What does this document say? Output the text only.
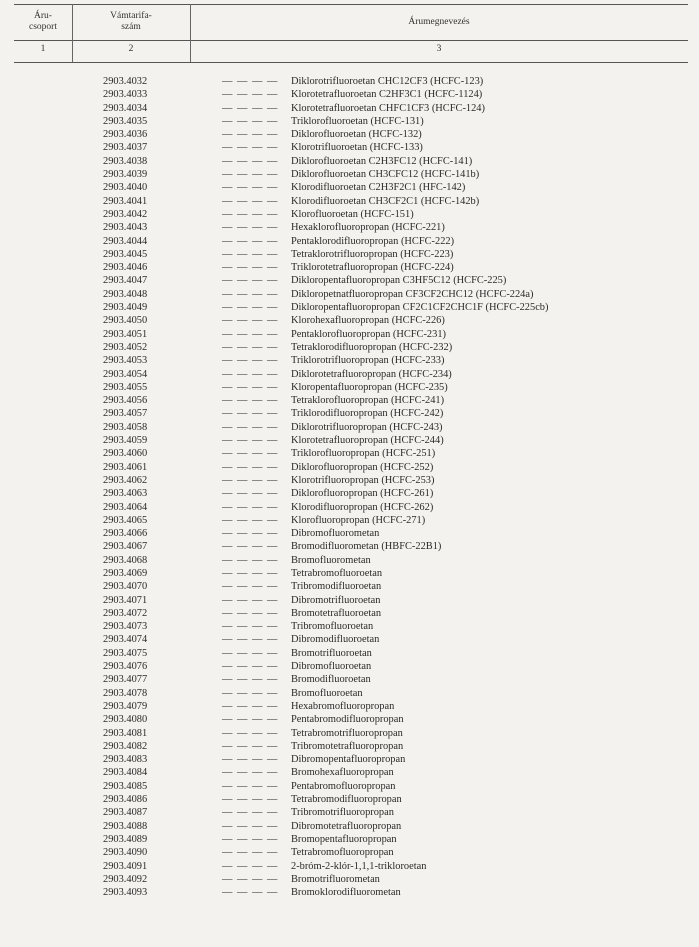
Áru-
csoport
Vámtarifa-
szám	Árumegnevezés
1	2	3
2903.4032	— — — — Diklorotrifluoroetan CHC12CF3 (HCFC-123)
2903.4033	— — — — Klorotetrafluoroetan C2HF3C1 (HCFC-1124)
2903.4034	— — — — Klorotetrafluoroetan CHFC1CF3 (HCFC-124)
2903.4035	— — — — Triklorofluoroetan (HCFC-131)
2903.4036	— — — — Diklorofluoroetan (HCFC-132)
2903.4037	— — — — Klorotrifluoroetan (HCFC-133)
2903.4038	— — — — Diklorofluoroetan C2H3FC12 (HCFC-141)
2903.4039	— — — — Diklorofluoroetan CH3CFC12 (HCFC-141b)
2903.4040	— — — — Klorodifluoroetan C2H3F2C1 (HFC-142)
2903.4041	— — — — Klorodifluoroetan CH3CF2C1 (HCFC-142b)
2903.4042	— — — — Klorofluoroetan (HCFC-151)
2903.4043	— — — — Hexaklorofluoropropan (HCFC-221)
2903.4044	— — — — Pentaklorodifluoropropan (HCFC-222)
2903.4045	— — — — Tetraklorotrifluoropropan (HCFC-223)
2903.4046	— — — — Triklorotetrafluoropropan (HCFC-224)
2903.4047	— — — — Dikloropentafluoropropan C3HF5C12 (HCFC-225)
2903.4048	— — — — Dikloropetnatfluoropropan CF3CF2CHC12 (HCFC-224a)
2903.4049	— — — — Dikloropentafluoropropan CF2C1CF2CHC1F (HCFC-225cb)
2903.4050	— — — — Klorohexafluoropropan (HCFC-226)
2903.4051	— — — — Pentaklorofluoropropan (HCFC-231)
2903.4052	— — — — Tetraklorodifluoropropan (HCFC-232)
2903.4053	— — — — Triklorotrifluoropropan (HCFC-233)
2903.4054	— — — — Diklorotetrafluoropropan (HCFC-234)
2903.4055	— — — — Kloropentafluoropropan (HCFC-235)
2903.4056	— — — — Tetraklorofluoropropan (HCFC-241)
2903.4057	— — — — Triklorodifluoropropan (HCFC-242)
2903.4058	— — — — Diklorotrifluoropropan (HCFC-243)
2903.4059	— — — — Klorotetrafluoropropan (HCFC-244)
2903.4060	— — — — Triklorofluoropropan (HCFC-251)
2903.4061	— — — — Diklorofluoropropan (HCFC-252)
2903.4062	— — — — Klorotrifluoropropan (HCFC-253)
2903.4063	— — — — Diklorofluoropropan (HCFC-261)
2903.4064	— — — — Klorodifluoropropan (HCFC-262)
2903.4065	— — — — Klorofluoropropan (HCFC-271)
2903.4066	— — — — Dibromofluorometan
2903.4067	— — — — Bromodifluorometan (HBFC-22B1)
2903.4068	— — — — Bromofluorometan
2903.4069	— — — — Tetrabromofluoroetan
2903.4070	— — — — Tribromodifluoroetan
2903.4071	— — — — Dibromotrifluoroetan
2903.4072	— — — — Bromotetrafluoroetan
2903.4073	— — — — Tribromofluoroetan
2903.4074	— — — — Dibromodifluoroetan
2903.4075	— — — — Bromotrifluoroetan
2903.4076	— — — — Dibromofluoroetan
2903.4077	— — — — Bromodifluoroetan
2903.4078	— — — — Bromofluoroetan
2903.4079	— — — — Hexabromofluoropropan
2903.4080	— — — — Pentabromodifluoropropan
2903.4081	— — — — Tetrabromotrifluoropropan
2903.4082	— — — — Tribromotetrafluoropropan
2903.4083	— — — — Dibromopentafluoropropan
2903.4084	— — — — Bromohexafluoropropan
2903.4085	— — — — Pentabromofluoropropan
2903.4086	— — — — Tetrabromodifluoropropan
2903.4087	— — — — Tribromotrifluoropropan
2903.4088	— — — — Dibromotetrafluoropropan
2903.4089	— — — — Bromopentafluoropropan
2903.4090	— — — — Tetrabromofluoropropan
2903.4091	— — — — 2-bróm-2-klór-1,1,1-trikloroetan
2903.4092	— — — — Bromotrifluorometan
2903.4093	— — — — Bromoklorodifluorometan
